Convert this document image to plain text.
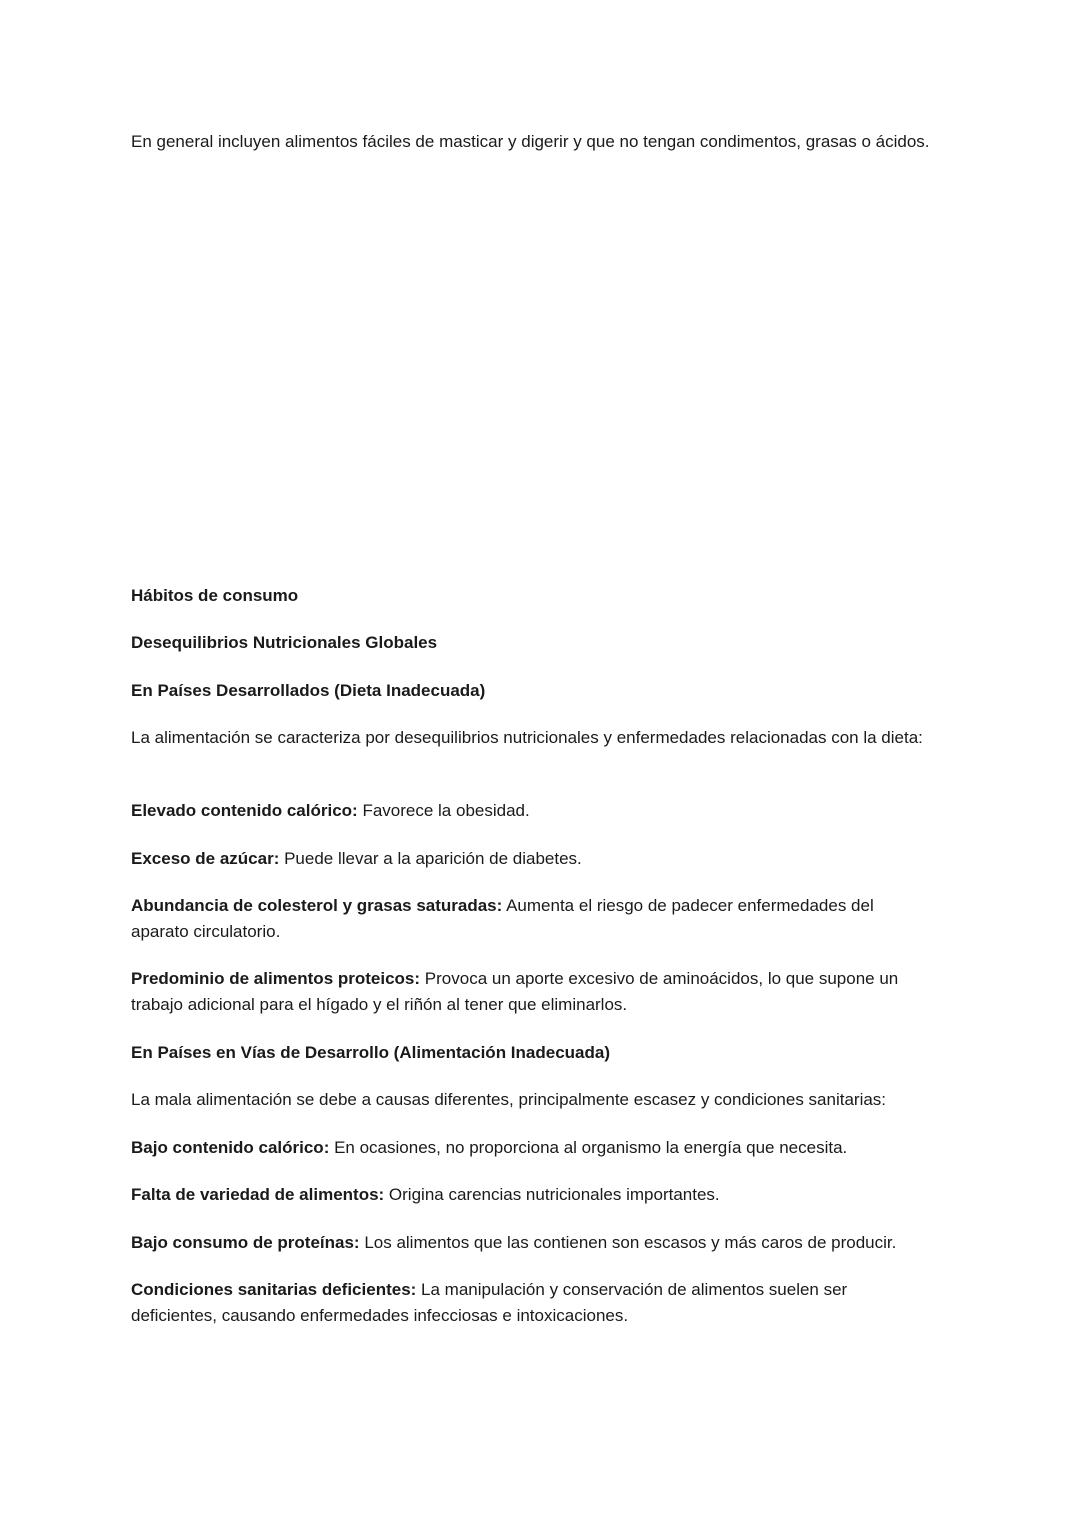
En general incluyen alimentos fáciles de masticar y digerir y que no tengan condimentos, grasas o ácidos.

Hábitos de consumo

Desequilibrios Nutricionales Globales

En Países Desarrollados (Dieta Inadecuada)

La alimentación se caracteriza por desequilibrios nutricionales y enfermedades relacionadas con la dieta:

Elevado contenido calórico: Favorece la obesidad.

Exceso de azúcar: Puede llevar a la aparición de diabetes.

Abundancia de colesterol y grasas saturadas: Aumenta el riesgo de padecer enfermedades del aparato circulatorio.

Predominio de alimentos proteicos: Provoca un aporte excesivo de aminoácidos, lo que supone un trabajo adicional para el hígado y el riñón al tener que eliminarlos.

En Países en Vías de Desarrollo (Alimentación Inadecuada)

La mala alimentación se debe a causas diferentes, principalmente escasez y condiciones sanitarias:

Bajo contenido calórico: En ocasiones, no proporciona al organismo la energía que necesita.

Falta de variedad de alimentos: Origina carencias nutricionales importantes.

Bajo consumo de proteínas: Los alimentos que las contienen son escasos y más caros de producir.

Condiciones sanitarias deficientes: La manipulación y conservación de alimentos suelen ser deficientes, causando enfermedades infecciosas e intoxicaciones.
